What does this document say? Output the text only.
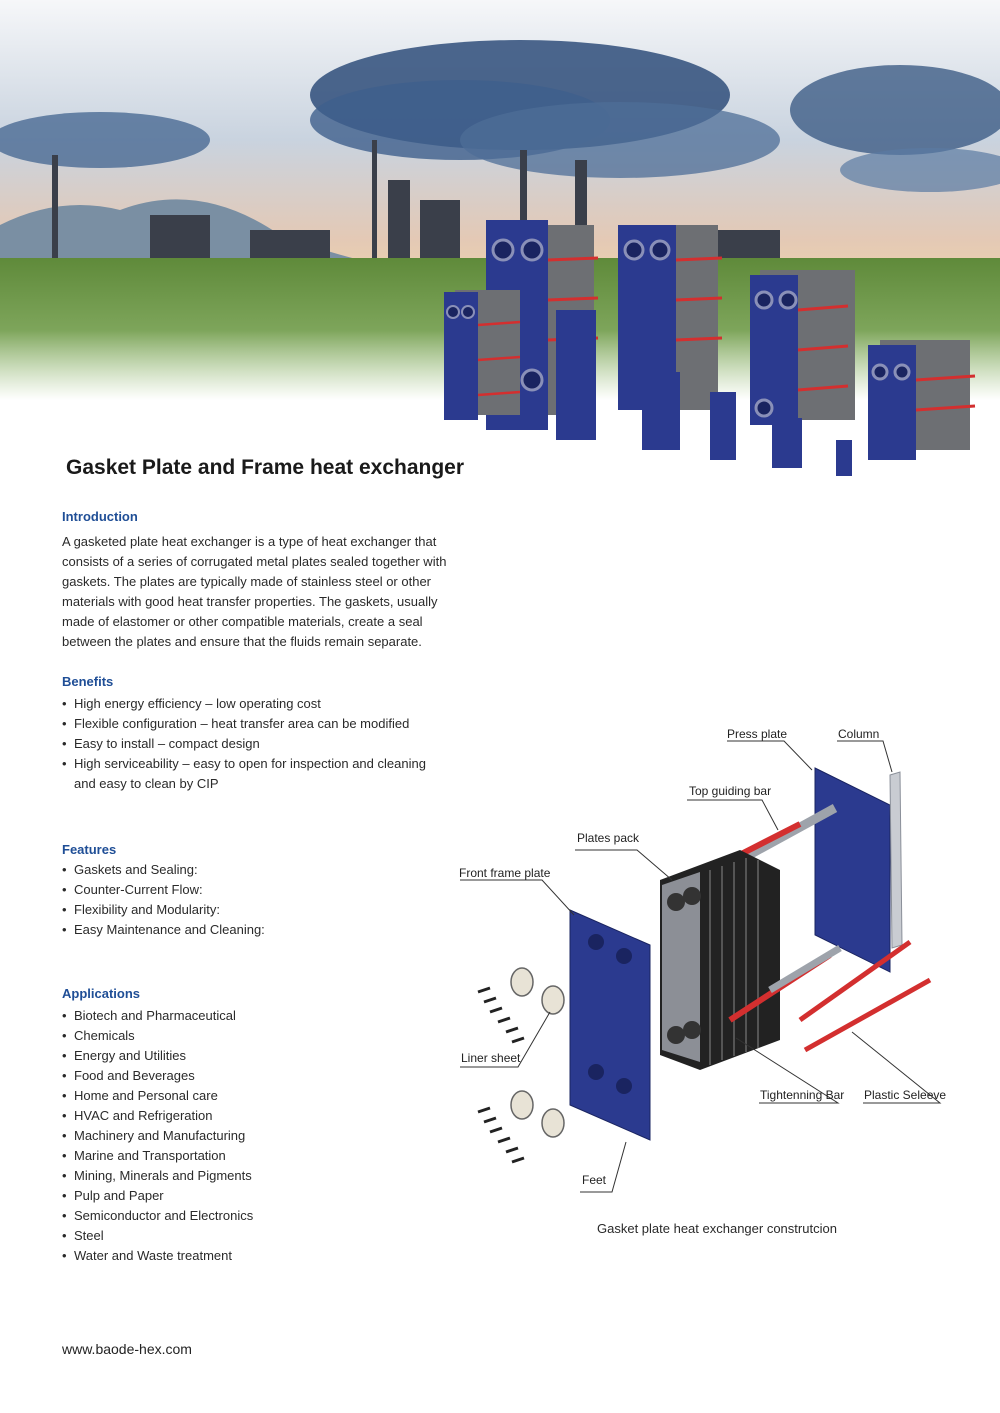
Gasket Plate and Frame heat exchanger
Introduction

A gasketed plate heat exchanger is a type of heat exchanger that consists of a series of corrugated metal plates sealed together with gaskets. The plates are typically made of stainless steel or other materials with good heat transfer properties. The gaskets, usually made of elastomer or other compatible materials, create a seal between the plates and ensure that the fluids remain separate.

Benefits
• High energy efficiency – low operating cost
• Flexible configuration – heat transfer area can be modified
• Easy to install – compact design
• High serviceability – easy to open for inspection and cleaning and easy to clean by CIP
Features
• Gaskets and Sealing:
• Counter-Current Flow:
• Flexibility and Modularity:
• Easy Maintenance and Cleaning:
Applications
• Biotech and Pharmaceutical
• Chemicals
• Energy and Utilities
• Food and Beverages
• Home and Personal care
• HVAC and Refrigeration
• Machinery and Manufacturing
• Marine and Transportation
• Mining, Minerals and Pigments
• Pulp and Paper
• Semiconductor and Electronics
• Steel
• Water and Waste treatment
Press plate	Column
Top guiding bar
Plates pack
Front frame plate
Liner sheet
Tightenning Bar Plastic Seleeve
Feet

Gasket plate heat exchanger construtcion

www.baode-hex.com
